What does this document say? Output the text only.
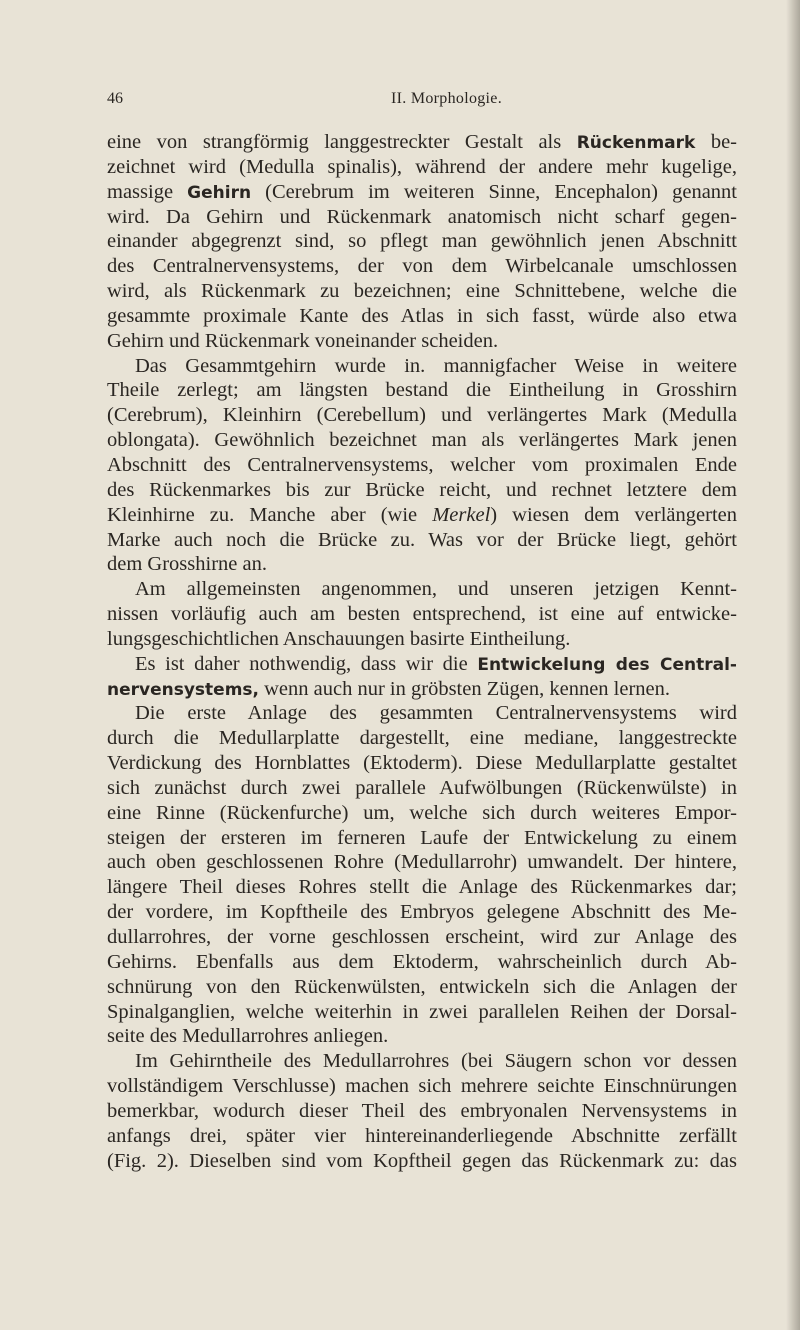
46	II. Morphologie.
eine von strangförmig langgestreckter Gestalt als Rückenmark be-
zeichnet wird (Medulla spinalis), während der andere mehr kugelige,
massige Gehirn (Cerebrum im weiteren Sinne, Encephalon) genannt
wird. Da Gehirn und Rückenmark anatomisch nicht scharf gegen-
einander abgegrenzt sind, so pflegt man gewöhnlich jenen Abschnitt
des Centralnervensystems, der von dem Wirbelcanale umschlossen
wird, als Rückenmark zu bezeichnen; eine Schnittebene, welche die
gesammte proximale Kante des Atlas in sich fasst, würde also etwa
Gehirn und Rückenmark voneinander scheiden.
Das Gesammtgehirn wurde in. mannigfacher Weise in weitere
Theile zerlegt; am längsten bestand die Eintheilung in Grosshirn
(Cerebrum), Kleinhirn (Cerebellum) und verlängertes Mark (Medulla
oblongata). Gewöhnlich bezeichnet man als verlängertes Mark jenen
Abschnitt des Centralnervensystems, welcher vom proximalen Ende
des Rückenmarkes bis zur Brücke reicht, und rechnet letztere dem
Kleinhirne zu. Manche aber (wie Merkel) wiesen dem verlängerten
Marke auch noch die Brücke zu. Was vor der Brücke liegt, gehört
dem Grosshirne an.
Am allgemeinsten angenommen, und unseren jetzigen Kennt-
nissen vorläufig auch am besten entsprechend, ist eine auf entwicke-
lungsgeschichtlichen Anschauungen basirte Eintheilung.
Es ist daher nothwendig, dass wir die Entwickelung des Central-
nervensystems, wenn auch nur in gröbsten Zügen, kennen lernen.
Die erste Anlage des gesammten Centralnervensystems wird
durch die Medullarplatte dargestellt, eine mediane, langgestreckte
Verdickung des Hornblattes (Ektoderm). Diese Medullarplatte gestaltet
sich zunächst durch zwei parallele Aufwölbungen (Rückenwülste) in
eine Rinne (Rückenfurche) um, welche sich durch weiteres Empor-
steigen der ersteren im ferneren Laufe der Entwickelung zu einem
auch oben geschlossenen Rohre (Medullarrohr) umwandelt. Der hintere,
längere Theil dieses Rohres stellt die Anlage des Rückenmarkes dar;
der vordere, im Kopftheile des Embryos gelegene Abschnitt des Me-
dullarrohres, der vorne geschlossen erscheint, wird zur Anlage des
Gehirns. Ebenfalls aus dem Ektoderm, wahrscheinlich durch Ab-
schnürung von den Rückenwülsten, entwickeln sich die Anlagen der
Spinalganglien, welche weiterhin in zwei parallelen Reihen der Dorsal-
seite des Medullarrohres anliegen.
Im Gehirntheile des Medullarrohres (bei Säugern schon vor dessen
vollständigem Verschlusse) machen sich mehrere seichte Einschnürungen
bemerkbar, wodurch dieser Theil des embryonalen Nervensystems in
anfangs drei, später vier hintereinanderliegende Abschnitte zerfällt
(Fig. 2). Dieselben sind vom Kopftheil gegen das Rückenmark zu: das
